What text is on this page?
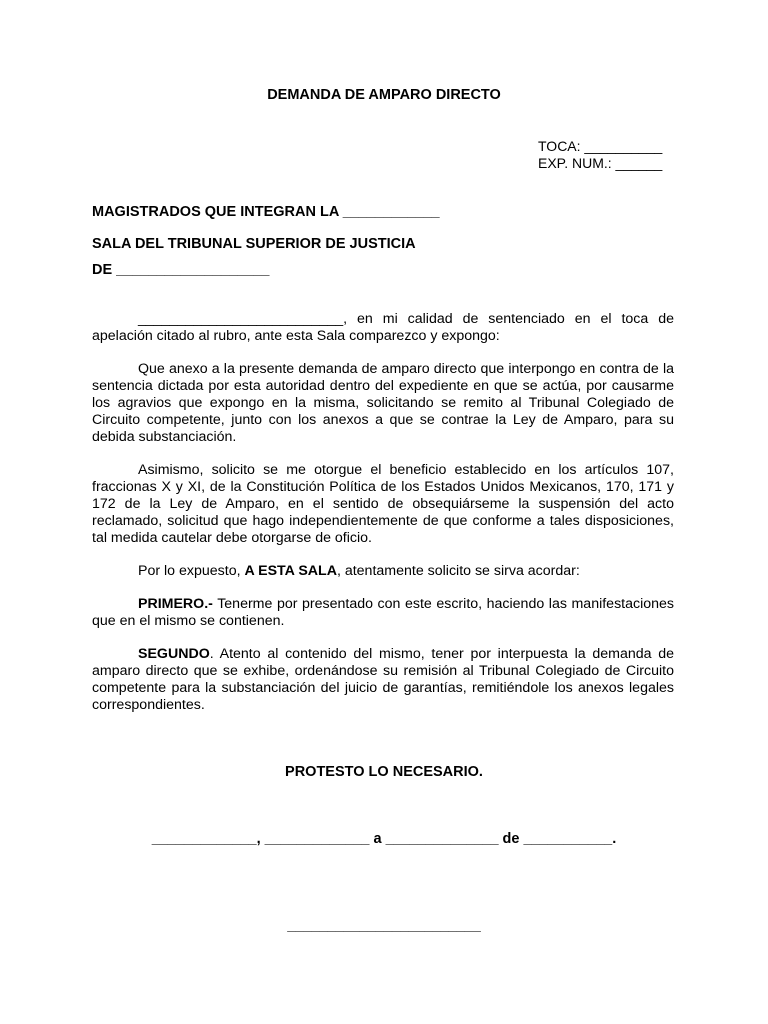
DEMANDA DE AMPARO DIRECTO
TOCA: __________
EXP. NUM.: ______
MAGISTRADOS QUE INTEGRAN LA ____________
SALA DEL TRIBUNAL SUPERIOR DE JUSTICIA
DE ___________________

__________________________, en mi calidad de sentenciado en el toca de apelación citado al rubro, ante esta Sala comparezco y expongo:

Que anexo a la presente demanda de amparo directo que interpongo en contra de la sentencia dictada por esta autoridad dentro del expediente en que se actúa, por causarme los agravios que expongo en la misma, solicitando se remito al Tribunal Colegiado de Circuito competente, junto con los anexos a que se contrae la Ley de Amparo, para su debida substanciación.

Asimismo, solicito se me otorgue el beneficio establecido en los artículos 107, fraccionas X y XI, de la Constitución Política de los Estados Unidos Mexicanos, 170, 171 y 172 de la Ley de Amparo, en el sentido de obsequiárseme la suspensión del acto reclamado, solicitud que hago independientemente de que conforme a tales disposiciones, tal medida cautelar debe otorgarse de oficio.

Por lo expuesto, A ESTA SALA, atentamente solicito se sirva acordar:

PRIMERO.- Tenerme por presentado con este escrito, haciendo las manifestaciones que en el mismo se contienen.

SEGUNDO. Atento al contenido del mismo, tener por interpuesta la demanda de amparo directo que se exhibe, ordenándose su remisión al Tribunal Colegiado de Circuito competente para la substanciación del juicio de garantías, remitiéndole los anexos legales correspondientes.

PROTESTO LO NECESARIO.
_____________, _____________ a ______________ de ___________.
________________________
